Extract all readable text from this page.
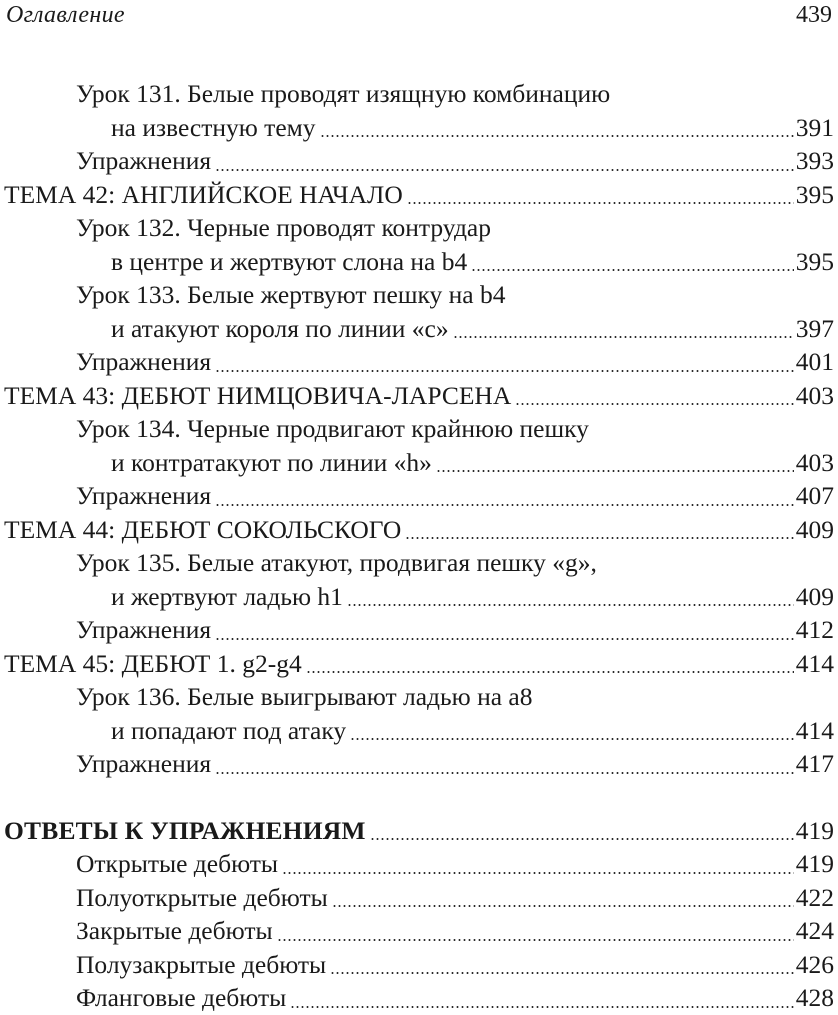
Оглавление	439
Урок 131. Белые проводят изящную комбинацию
на известную тему	391
Упражнения	393
ТЕМА 42: АНГЛИЙСКОЕ НАЧАЛО	395
Урок 132. Черные проводят контрудар
в центре и жертвуют слона на b4	395
Урок 133. Белые жертвуют пешку на b4
и атакуют короля по линии «с»	397
Упражнения	401
ТЕМА 43: ДЕБЮТ НИМЦОВИЧА-ЛАРСЕНА	403
Урок 134. Черные продвигают крайнюю пешку
и контратакуют по линии «h»	403
Упражнения	407
ТЕМА 44: ДЕБЮТ СОКОЛЬСКОГО	409
Урок 135. Белые атакуют, продвигая пешку «g»,
и жертвуют ладью h1	409
Упражнения	412
ТЕМА 45: ДЕБЮТ 1. g2-g4	414
Урок 136. Белые выигрывают ладью на а8
и попадают под атаку	414
Упражнения	417
ОТВЕТЫ К УПРАЖНЕНИЯМ	419
Открытые дебюты	419
Полуоткрытые дебюты	422
Закрытые дебюты	424
Полузакрытые дебюты	426
Фланговые дебюты	428
